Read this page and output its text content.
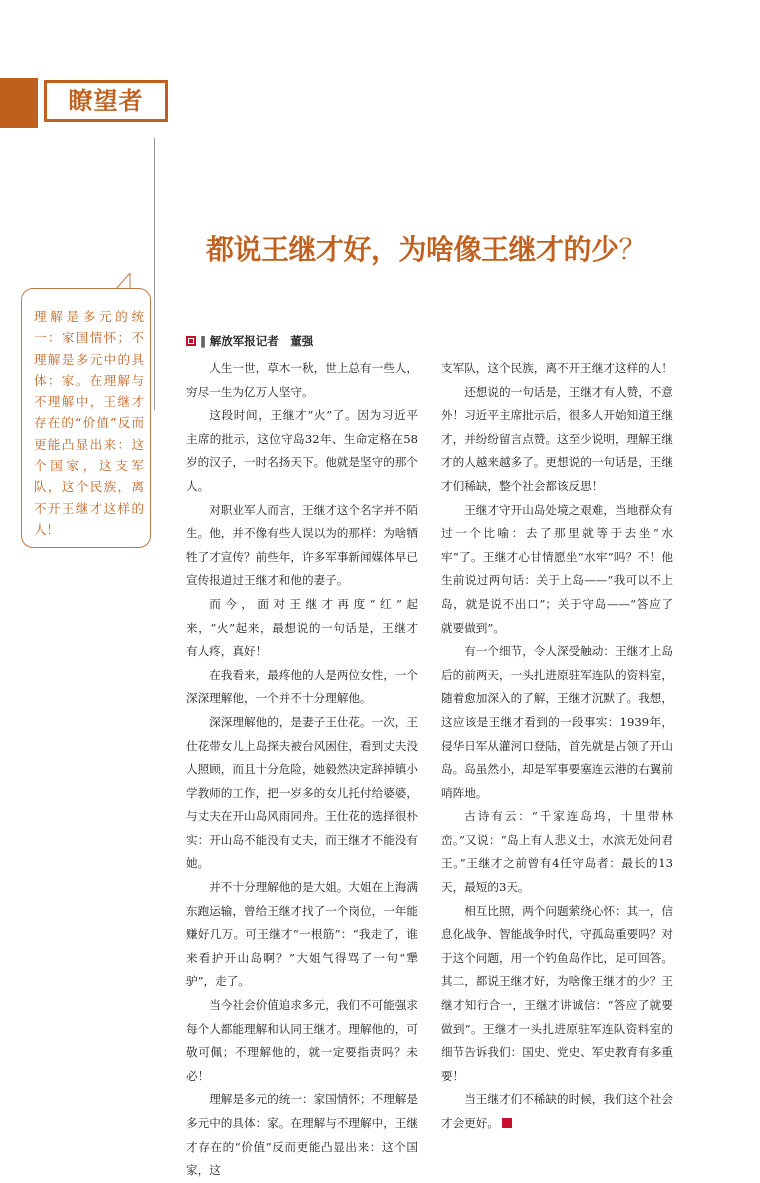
瞭望者
都说王继才好，为啥像王继才的少？
理解是多元的统一：家国情怀；不理解是多元中的具体：家。在理解与不理解中，王继才存在的“价值”反而更能凸显出来：这个国家，这支军队，这个民族，离不开王继才这样的人！
‖ 解放军报记者　董强

人生一世，草木一秋，世上总有一些人，穷尽一生为亿万人坚守。

这段时间，王继才“火”了。因为习近平主席的批示，这位守岛32年、生命定格在58岁的汉子，一时名扬天下。他就是坚守的那个人。

对职业军人而言，王继才这个名字并不陌生。他，并不像有些人误以为的那样：为啥牺牲了才宣传？前些年，许多军事新闻媒体早已宣传报道过王继才和他的妻子。

而今，面对王继才再度“红”起来，“火”起来，最想说的一句话是，王继才有人疼，真好！

在我看来，最疼他的人是两位女性，一个深深理解他，一个并不十分理解他。

深深理解他的，是妻子王仕花。一次，王仕花带女儿上岛探夫被台风困住，看到丈夫没人照顾，而且十分危险，她毅然决定辞掉镇小学教师的工作，把一岁多的女儿托付给婆婆，与丈夫在开山岛风雨同舟。王仕花的选择很朴实：开山岛不能没有丈夫，而王继才不能没有她。

并不十分理解他的是大姐。大姐在上海满东跑运输，曾给王继才找了一个岗位，一年能赚好几万。可王继才“一根筋”：“我走了，谁来看护开山岛啊？”大姐气得骂了一句“犟驴”，走了。

当今社会价值追求多元，我们不可能强求每个人都能理解和认同王继才。理解他的，可敬可佩；不理解他的，就一定要指责吗？未必！

理解是多元的统一：家国情怀；不理解是多元中的具体：家。在理解与不理解中，王继才存在的“价值”反而更能凸显出来：这个国家，这

支军队，这个民族，离不开王继才这样的人！

还想说的一句话是，王继才有人赞，不意外！习近平主席批示后，很多人开始知道王继才，并纷纷留言点赞。这至少说明，理解王继才的人越来越多了。更想说的一句话是，王继才们稀缺，整个社会都该反思！

王继才守开山岛处境之艰难，当地群众有过一个比喻：去了那里就等于去坐“水牢”了。王继才心甘情愿坐“水牢”吗？不！他生前说过两句话：关于上岛——“我可以不上岛，就是说不出口”；关于守岛——“答应了就要做到”。

有一个细节，令人深受触动：王继才上岛后的前两天，一头扎进原驻军连队的资料室，随着愈加深入的了解，王继才沉默了。我想，这应该是王继才看到的一段事实：1939年，侵华日军从灌河口登陆，首先就是占领了开山岛。岛虽然小，却是军事要塞连云港的右翼前哨阵地。

古诗有云：“千家连岛坞，十里带林峦。”又说：“岛上有人悲义士，水滨无处问君王。”王继才之前曾有4任守岛者：最长的13天，最短的3天。

相互比照，两个问题萦绕心怀：其一，信息化战争、智能战争时代，守孤岛重要吗？对于这个问题，用一个钓鱼岛作比，足可回答。其二，都说王继才好，为啥像王继才的少？王继才知行合一，王继才讲诚信：“答应了就要做到”。王继才一头扎进原驻军连队资料室的细节告诉我们：国史、党史、军史教育有多重要！

当王继才们不稀缺的时候，我们这个社会才会更好。
